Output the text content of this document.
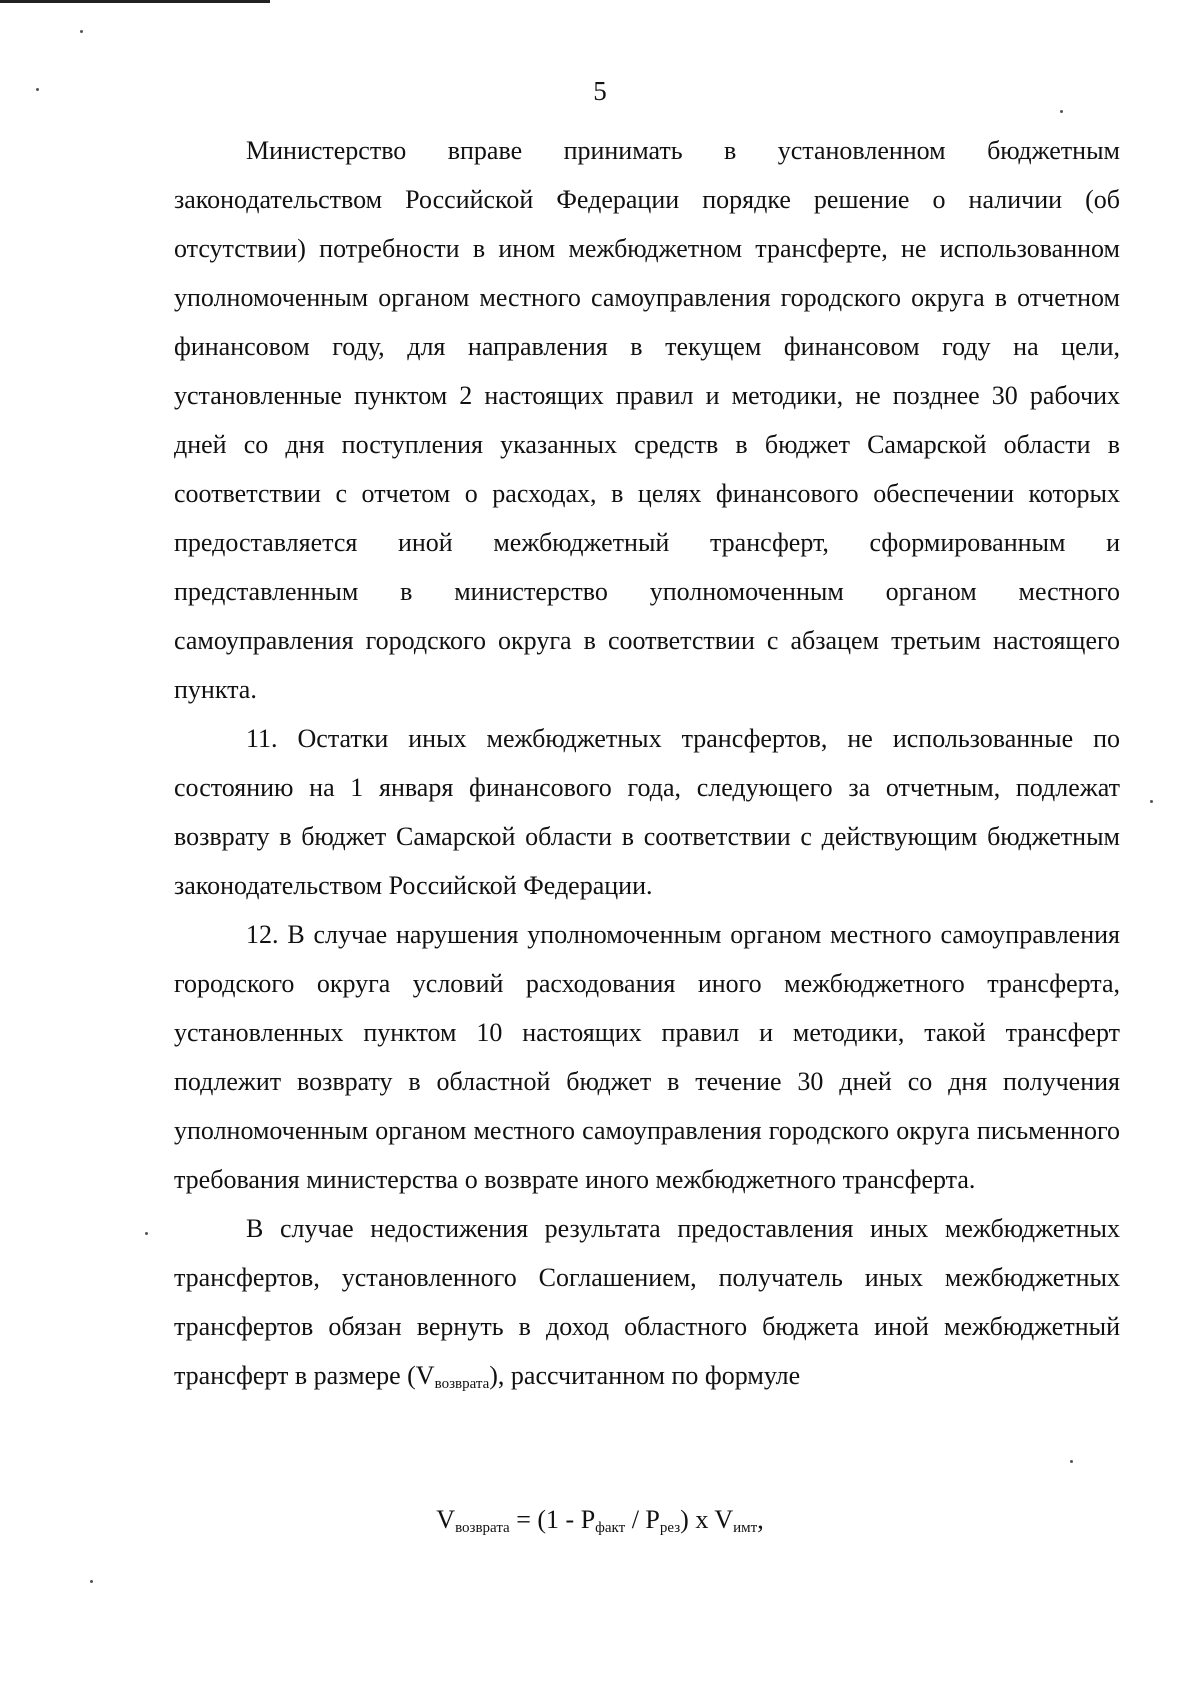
5

Министерство вправе принимать в установленном бюджетным законодательством Российской Федерации порядке решение о наличии (об отсутствии) потребности в ином межбюджетном трансферте, не использованном уполномоченным органом местного самоуправления городского округа в отчетном финансовом году, для направления в текущем финансовом году на цели, установленные пунктом 2 настоящих правил и методики, не позднее 30 рабочих дней со дня поступления указанных средств в бюджет Самарской области в соответствии с отчетом о расходах, в целях финансового обеспечении которых предоставляется иной межбюджетный трансферт, сформированным и представленным в министерство уполномоченным органом местного самоуправления городского округа в соответствии с абзацем третьим настоящего пункта.

11. Остатки иных межбюджетных трансфертов, не использованные по состоянию на 1 января финансового года, следующего за отчетным, подлежат возврату в бюджет Самарской области в соответствии с действующим бюджетным законодательством Российской Федерации.

12. В случае нарушения уполномоченным органом местного самоуправления городского округа условий расходования иного межбюджетного трансферта, установленных пунктом 10 настоящих правил и методики, такой трансферт подлежит возврату в областной бюджет в течение 30 дней со дня получения уполномоченным органом местного самоуправления городского округа письменного требования министерства о возврате иного межбюджетного трансферта.

В случае недостижения результата предоставления иных межбюджетных трансфертов, установленного Соглашением, получатель иных межбюджетных трансфертов обязан вернуть в доход областного бюджета иной межбюджетный трансферт в размере (Vвозврата), рассчитанном по формуле

$V_{возврата} = (1 - P_{факт} / P_{рез})$ x $V_{имт}$,
